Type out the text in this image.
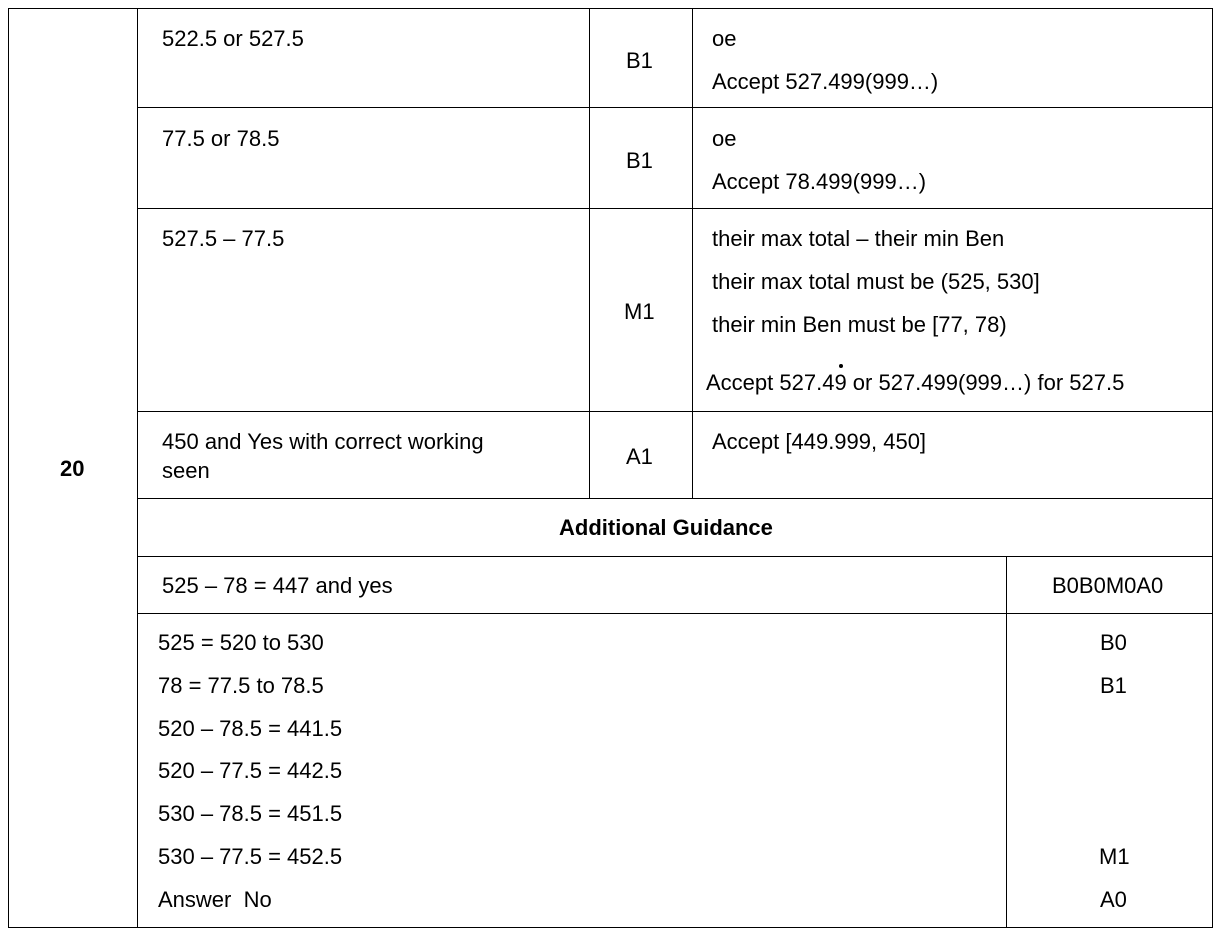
20
522.5 or 527.5
B1
oe
Accept 527.499(999…)
77.5 or 78.5
B1
oe
Accept 78.499(999…)
527.5 – 77.5
M1
their max total – their min Ben
their max total must be (525, 530]
their min Ben must be [77, 78)
Accept 527.49 or 527.499(999…) for 527.5
450 and Yes with correct working
seen
A1
Accept [449.999, 450]
Additional Guidance
525 – 78 = 447 and yes	B0B0M0A0
525 = 520 to 530
78 = 77.5 to 78.5
520 – 78.5 = 441.5
520 – 77.5 = 442.5
530 – 78.5 = 451.5
530 – 77.5 = 452.5
Answer  No
B0
B1
M1
A0
